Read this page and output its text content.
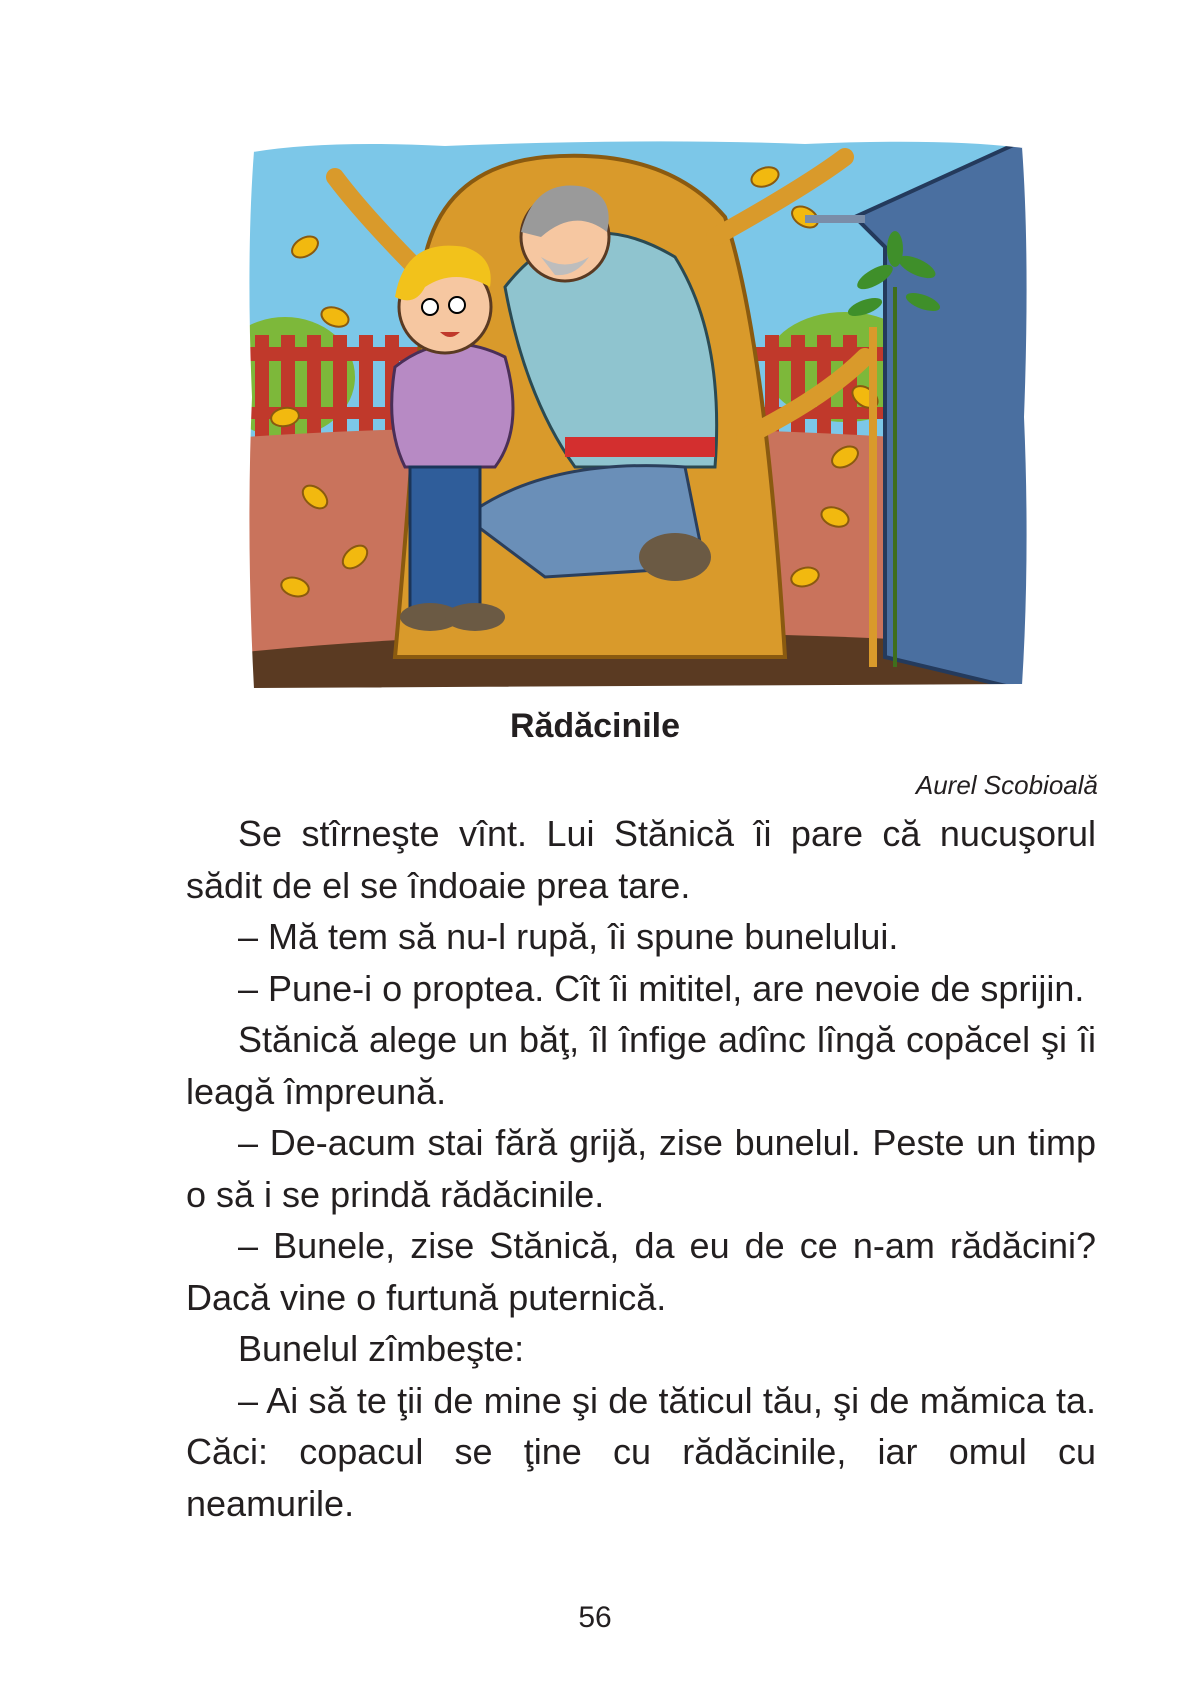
Rădăcinile
Aurel Scobioală

Se stîrneşte vînt. Lui Stănică îi pare că nucuşorul sădit de el se îndoaie prea tare.

– Mă tem să nu-l rupă, îi spune bunelului.

– Pune-i o proptea. Cît îi mititel, are nevoie de sprijin.

Stănică alege un băţ, îl înfige adînc lîngă copăcel şi îi leagă împreună.

– De-acum stai fără grijă, zise bunelul. Peste un timp o să i se prindă rădăcinile.

– Bunele, zise Stănică, da eu de ce n-am rădăcini? Dacă vine o furtună puternică.

Bunelul zîmbeşte:

– Ai să te ţii de mine şi de tăticul tău, şi de mămica ta. Căci: copacul se ţine cu rădăcinile, iar omul cu neamurile.

56
